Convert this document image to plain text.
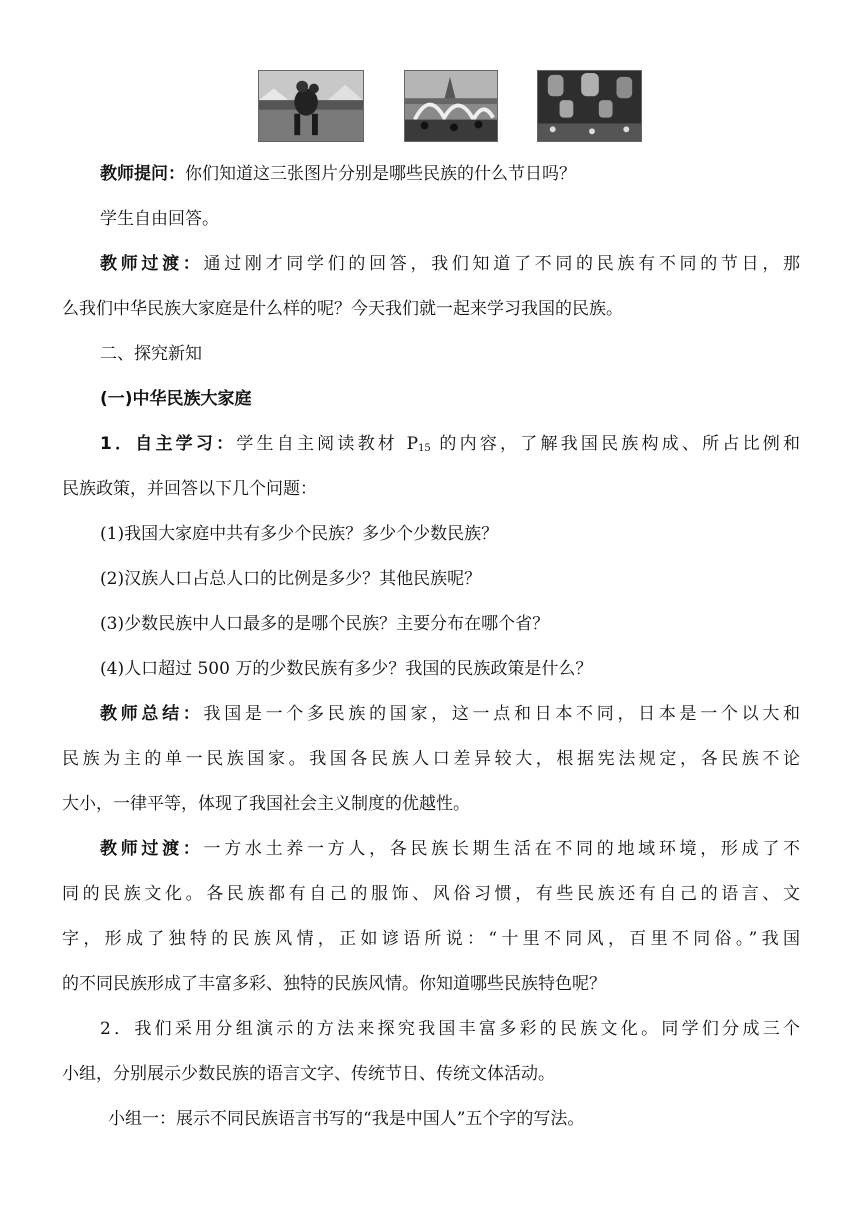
教师提问：你们知道这三张图片分别是哪些民族的什么节日吗？
学生自由回答。
教师过渡：通过刚才同学们的回答，我们知道了不同的民族有不同的节日，那
么我们中华民族大家庭是什么样的呢？今天我们就一起来学习我国的民族。
二、探究新知
(一)中华民族大家庭
1．自主学习：学生自主阅读教材 $P_{15}$ 的内容，了解我国民族构成、所占比例和
民族政策，并回答以下几个问题：
(1)我国大家庭中共有多少个民族？多少个少数民族？
(2)汉族人口占总人口的比例是多少？其他民族呢？
(3)少数民族中人口最多的是哪个民族？主要分布在哪个省？
(4)人口超过 500 万的少数民族有多少？我国的民族政策是什么？
教师总结：我国是一个多民族的国家，这一点和日本不同，日本是一个以大和
民族为主的单一民族国家。我国各民族人口差异较大，根据宪法规定，各民族不论
大小，一律平等，体现了我国社会主义制度的优越性。
教师过渡：一方水土养一方人，各民族长期生活在不同的地域环境，形成了不
同的民族文化。各民族都有自己的服饰、风俗习惯，有些民族还有自己的语言、文
字，形成了独特的民族风情，正如谚语所说：“十里不同风，百里不同俗。”我国
的不同民族形成了丰富多彩、独特的民族风情。你知道哪些民族特色呢？
2．我们采用分组演示的方法来探究我国丰富多彩的民族文化。同学们分成三个
小组，分别展示少数民族的语言文字、传统节日、传统文体活动。
小组一：展示不同民族语言书写的“我是中国人”五个字的写法。
